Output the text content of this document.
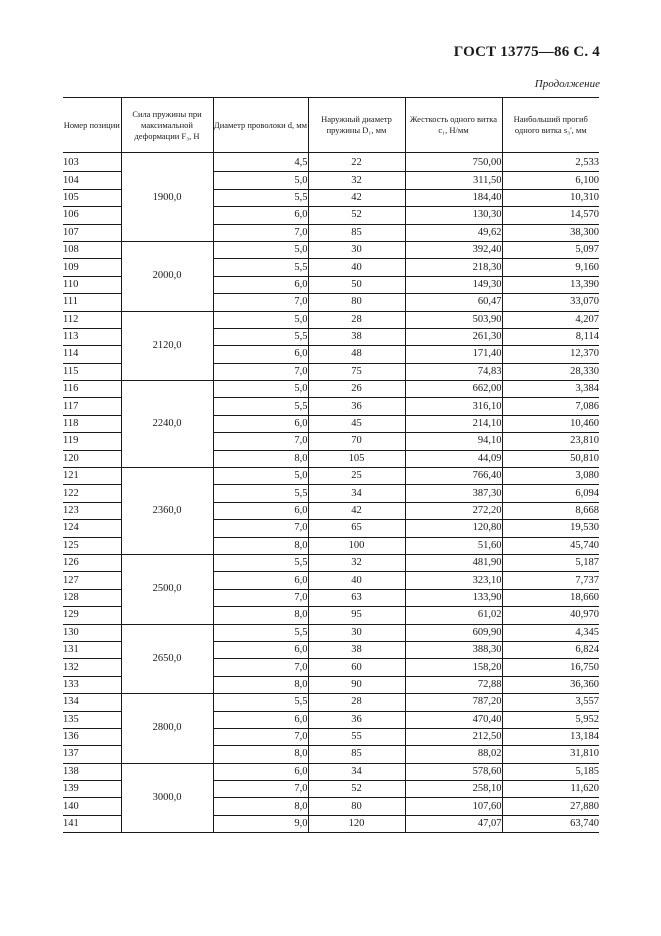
ГОСТ 13775—86 С. 4
Продолжение
Номер позиции	Сила пружины при максимальной деформации F₃, Н	Диаметр проволоки d, мм	Наружный диаметр пружины D₁, мм	Жесткость одного витка c₁, Н/мм	Наибольший прогиб одного витка s₃', мм
103	1900,0	4,5	22	750,00	2,533
104		5,0	32	311,50	6,100
105		5,5	42	184,40	10,310
106		6,0	52	130,30	14,570
107		7,0	85	49,62	38,300
108	2000,0	5,0	30	392,40	5,097
109		5,5	40	218,30	9,160
110		6,0	50	149,30	13,390
111		7,0	80	60,47	33,070
112	2120,0	5,0	28	503,90	4,207
113		5,5	38	261,30	8,114
114		6,0	48	171,40	12,370
115		7,0	75	74,83	28,330
116	2240,0	5,0	26	662,00	3,384
117		5,5	36	316,10	7,086
118		6,0	45	214,10	10,460
119		7,0	70	94,10	23,810
120		8,0	105	44,09	50,810
121	2360,0	5,0	25	766,40	3,080
122		5,5	34	387,30	6,094
123		6,0	42	272,20	8,668
124		7,0	65	120,80	19,530
125		8,0	100	51,60	45,740
126	2500,0	5,5	32	481,90	5,187
127		6,0	40	323,10	7,737
128		7,0	63	133,90	18,660
129		8,0	95	61,02	40,970
130	2650,0	5,5	30	609,90	4,345
131		6,0	38	388,30	6,824
132		7,0	60	158,20	16,750
133		8,0	90	72,88	36,360
134	2800,0	5,5	28	787,20	3,557
135		6,0	36	470,40	5,952
136		7,0	55	212,50	13,184
137		8,0	85	88,02	31,810
138	3000,0	6,0	34	578,60	5,185
139		7,0	52	258,10	11,620
140		8,0	80	107,60	27,880
141		9,0	120	47,07	63,740
